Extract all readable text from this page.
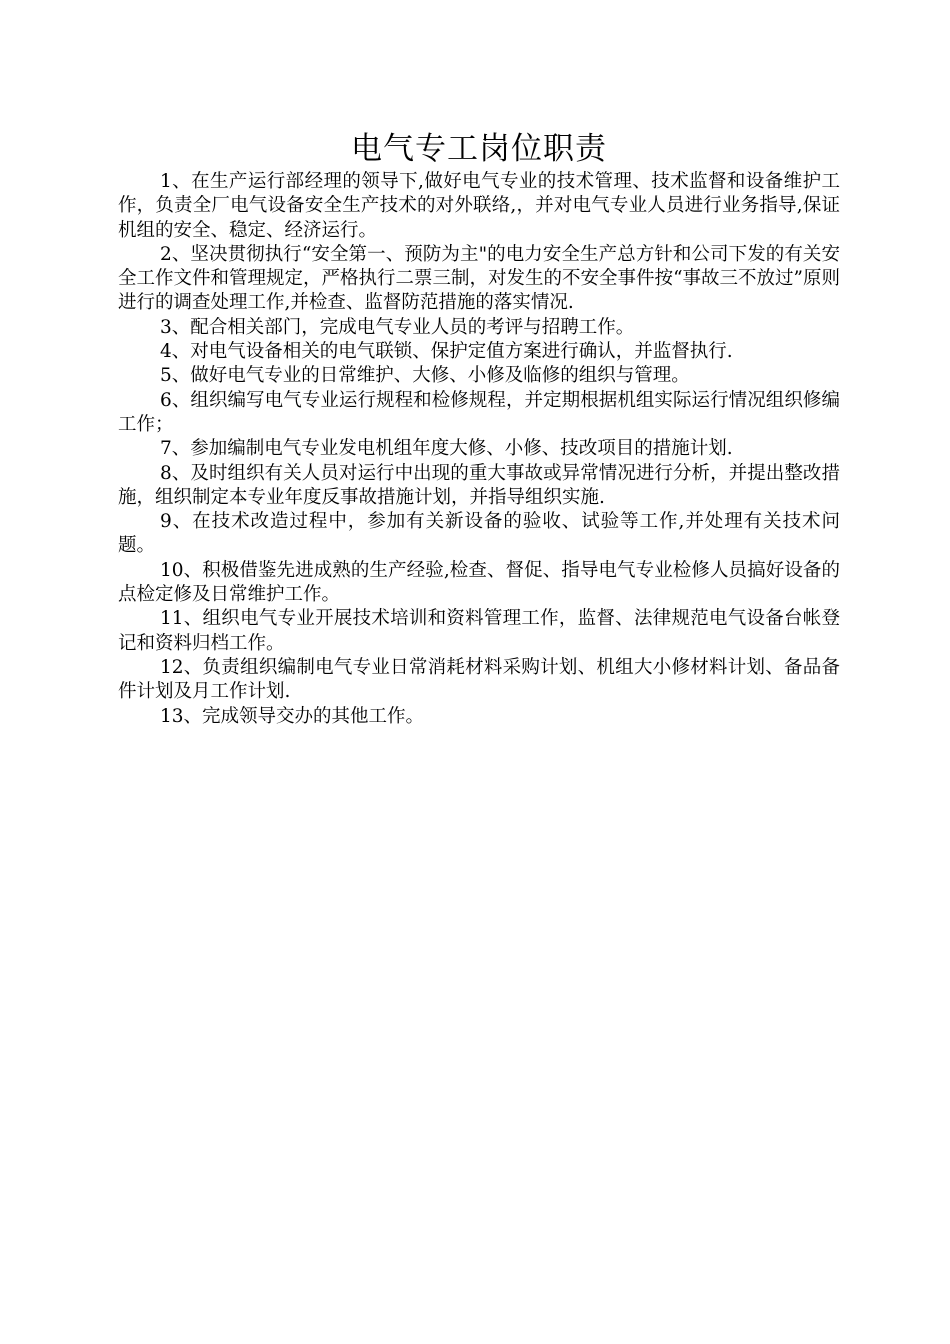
电气专工岗位职责

1、在生产运行部经理的领导下,做好电气专业的技术管理、技术监督和设备维护工作，负责全厂电气设备安全生产技术的对外联络,，并对电气专业人员进行业务指导,保证机组的安全、稳定、经济运行。

2、坚决贯彻执行“安全第一、预防为主"的电力安全生产总方针和公司下发的有关安全工作文件和管理规定，严格执行二票三制，对发生的不安全事件按“事故三不放过”原则进行的调查处理工作,并检查、监督防范措施的落实情况.

3、配合相关部门，完成电气专业人员的考评与招聘工作。

4、对电气设备相关的电气联锁、保护定值方案进行确认，并监督执行.

5、做好电气专业的日常维护、大修、小修及临修的组织与管理。

6、组织编写电气专业运行规程和检修规程，并定期根据机组实际运行情况组织修编工作；

7、参加编制电气专业发电机组年度大修、小修、技改项目的措施计划.

8、及时组织有关人员对运行中出现的重大事故或异常情况进行分析，并提出整改措施，组织制定本专业年度反事故措施计划，并指导组织实施.

9、在技术改造过程中，参加有关新设备的验收、试验等工作,并处理有关技术问题。

10、积极借鉴先进成熟的生产经验,检查、督促、指导电气专业检修人员搞好设备的点检定修及日常维护工作。

11、组织电气专业开展技术培训和资料管理工作，监督、法律规范电气设备台帐登记和资料归档工作。

12、负责组织编制电气专业日常消耗材料采购计划、机组大小修材料计划、备品备件计划及月工作计划.

13、完成领导交办的其他工作。
